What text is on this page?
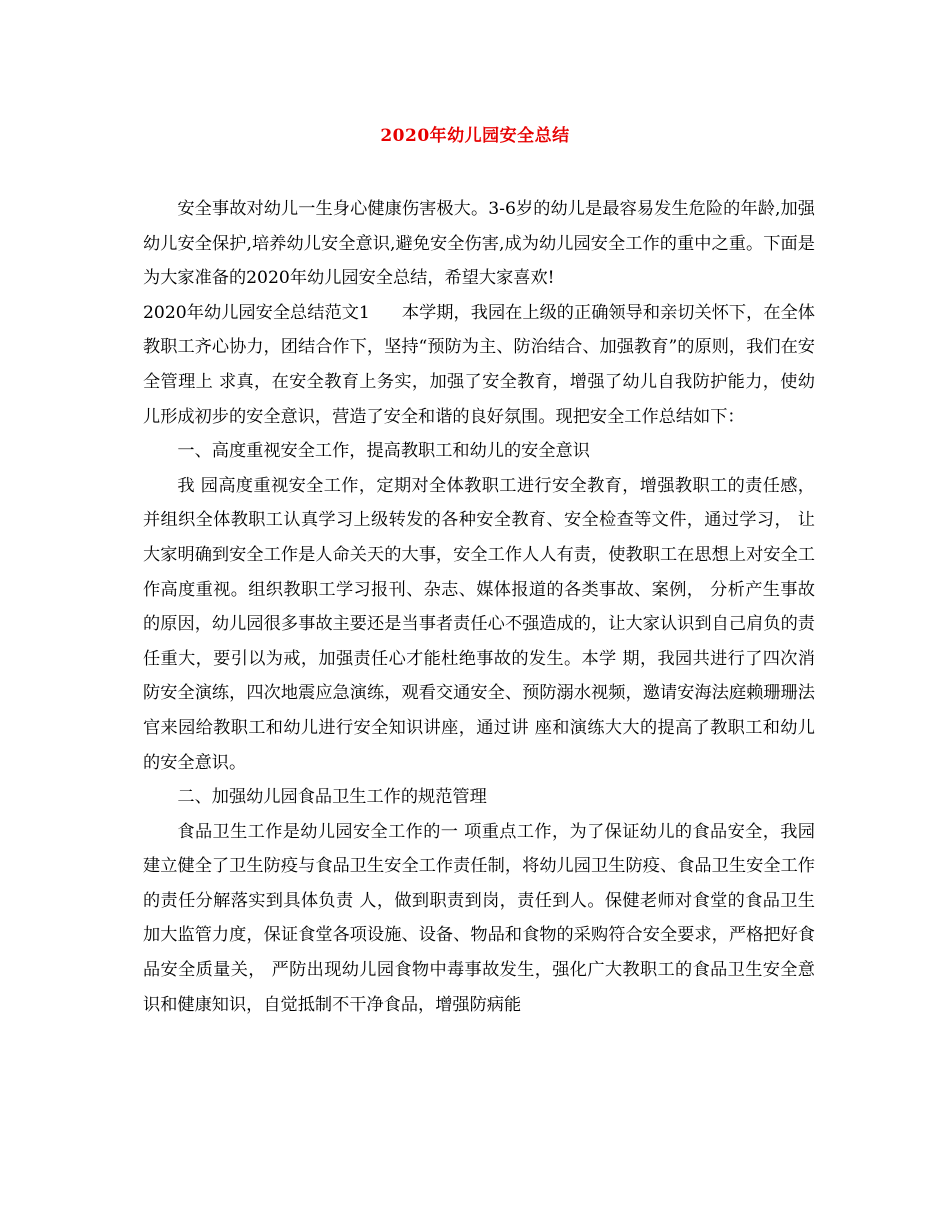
2020年幼儿园安全总结

安全事故对幼儿一生身心健康伤害极大。3-6岁的幼儿是最容易发生危险的年龄,加强幼儿安全保护,培养幼儿安全意识,避免安全伤害,成为幼儿园安全工作的重中之重。下面是为大家准备的2020年幼儿园安全总结，希望大家喜欢!

2020年幼儿园安全总结范文1 本学期，我园在上级的正确领导和亲切关怀下，在全体教职工齐心协力，团结合作下，坚持“预防为主、防治结合、加强教育”的原则，我们在安全管理上 求真，在安全教育上务实，加强了安全教育，增强了幼儿自我防护能力，使幼儿形成初步的安全意识，营造了安全和谐的良好氛围。现把安全工作总结如下：

一、高度重视安全工作，提高教职工和幼儿的安全意识

我 园高度重视安全工作，定期对全体教职工进行安全教育，增强教职工的责任感，并组织全体教职工认真学习上级转发的各种安全教育、安全检查等文件，通过学习， 让大家明确到安全工作是人命关天的大事，安全工作人人有责，使教职工在思想上对安全工作高度重视。组织教职工学习报刊、杂志、媒体报道的各类事故、案例， 分析产生事故的原因，幼儿园很多事故主要还是当事者责任心不强造成的，让大家认识到自己肩负的责任重大，要引以为戒，加强责任心才能杜绝事故的发生。本学 期，我园共进行了四次消防安全演练，四次地震应急演练，观看交通安全、预防溺水视频，邀请安海法庭赖珊珊法官来园给教职工和幼儿进行安全知识讲座，通过讲 座和演练大大的提高了教职工和幼儿的安全意识。

二、加强幼儿园食品卫生工作的规范管理

食品卫生工作是幼儿园安全工作的一 项重点工作，为了保证幼儿的食品安全，我园建立健全了卫生防疫与食品卫生安全工作责任制，将幼儿园卫生防疫、食品卫生安全工作的责任分解落实到具体负责 人，做到职责到岗，责任到人。保健老师对食堂的食品卫生加大监管力度，保证食堂各项设施、设备、物品和食物的采购符合安全要求，严格把好食品安全质量关， 严防出现幼儿园食物中毒事故发生，强化广大教职工的食品卫生安全意识和健康知识，自觉抵制不干净食品，增强防病能
